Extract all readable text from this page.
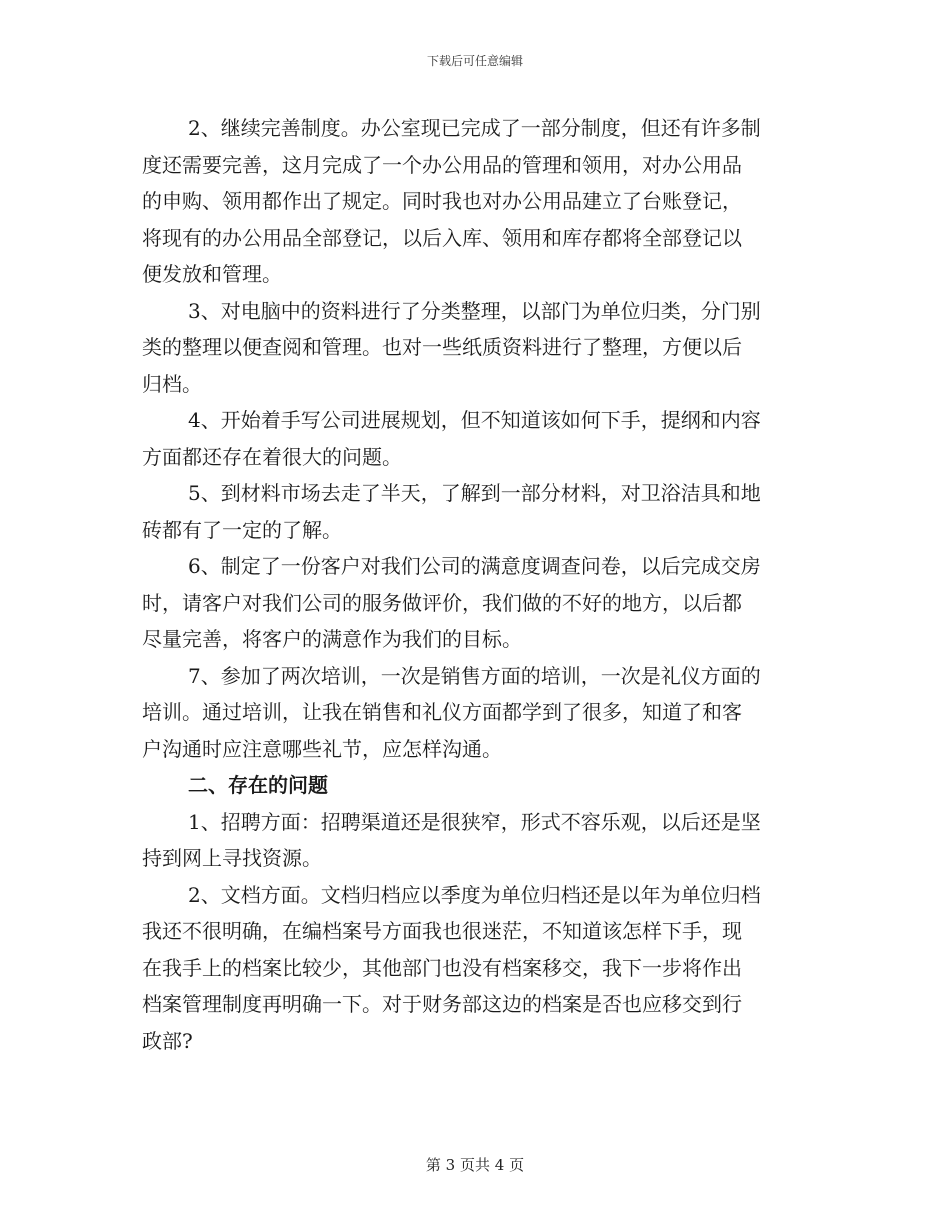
下载后可任意编辑
2、继续完善制度。办公室现已完成了一部分制度，但还有许多制
度还需要完善，这月完成了一个办公用品的管理和领用，对办公用品
的申购、领用都作出了规定。同时我也对办公用品建立了台账登记，
将现有的办公用品全部登记，以后入库、领用和库存都将全部登记以
便发放和管理。
3、对电脑中的资料进行了分类整理，以部门为单位归类，分门别
类的整理以便查阅和管理。也对一些纸质资料进行了整理，方便以后
归档。
4、开始着手写公司进展规划，但不知道该如何下手，提纲和内容
方面都还存在着很大的问题。
5、到材料市场去走了半天，了解到一部分材料，对卫浴洁具和地
砖都有了一定的了解。
6、制定了一份客户对我们公司的满意度调查问卷，以后完成交房
时，请客户对我们公司的服务做评价，我们做的不好的地方，以后都
尽量完善，将客户的满意作为我们的目标。
7、参加了两次培训，一次是销售方面的培训，一次是礼仪方面的
培训。通过培训，让我在销售和礼仪方面都学到了很多，知道了和客
户沟通时应注意哪些礼节，应怎样沟通。
二、存在的问题
1、招聘方面：招聘渠道还是很狭窄，形式不容乐观，以后还是坚
持到网上寻找资源。
2、文档方面。文档归档应以季度为单位归档还是以年为单位归档
我还不很明确，在编档案号方面我也很迷茫，不知道该怎样下手，现
在我手上的档案比较少，其他部门也没有档案移交，我下一步将作出
档案管理制度再明确一下。对于财务部这边的档案是否也应移交到行
政部?
第 3 页共 4 页
